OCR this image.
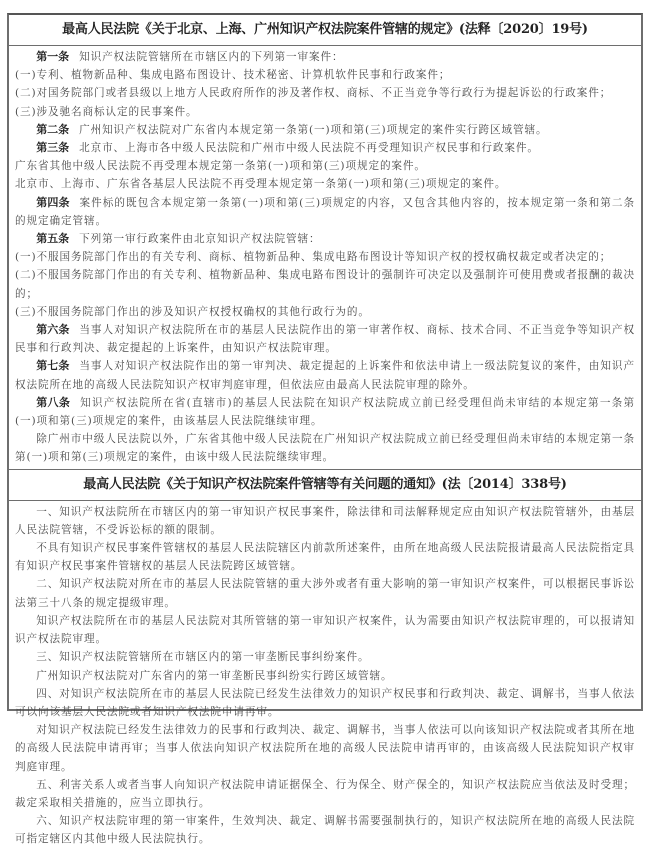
最高人民法院《关于北京、上海、广州知识产权法院案件管辖的规定》(法释〔2020〕19号)

第一条 知识产权法院管辖所在市辖区内的下列第一审案件：

(一)专利、植物新品种、集成电路布图设计、技术秘密、计算机软件民事和行政案件；

(二)对国务院部门或者县级以上地方人民政府所作的涉及著作权、商标、不正当竞争等行政行为提起诉讼的行政案件；

(三)涉及驰名商标认定的民事案件。

第二条 广州知识产权法院对广东省内本规定第一条第(一)项和第(三)项规定的案件实行跨区域管辖。

第三条 北京市、上海市各中级人民法院和广州市中级人民法院不再受理知识产权民事和行政案件。

广东省其他中级人民法院不再受理本规定第一条第(一)项和第(三)项规定的案件。

北京市、上海市、广东省各基层人民法院不再受理本规定第一条第(一)项和第(三)项规定的案件。

第四条 案件标的既包含本规定第一条第(一)项和第(三)项规定的内容，又包含其他内容的，按本规定第一条和第二条的规定确定管辖。

第五条 下列第一审行政案件由北京知识产权法院管辖：

(一)不服国务院部门作出的有关专利、商标、植物新品种、集成电路布图设计等知识产权的授权确权裁定或者决定的；

(二)不服国务院部门作出的有关专利、植物新品种、集成电路布图设计的强制许可决定以及强制许可使用费或者报酬的裁决的；

(三)不服国务院部门作出的涉及知识产权授权确权的其他行政行为的。

第六条 当事人对知识产权法院所在市的基层人民法院作出的第一审著作权、商标、技术合同、不正当竞争等知识产权民事和行政判决、裁定提起的上诉案件，由知识产权法院审理。

第七条 当事人对知识产权法院作出的第一审判决、裁定提起的上诉案件和依法申请上一级法院复议的案件，由知识产权法院所在地的高级人民法院知识产权审判庭审理，但依法应由最高人民法院审理的除外。

第八条 知识产权法院所在省(直辖市)的基层人民法院在知识产权法院成立前已经受理但尚未审结的本规定第一条第(一)项和第(三)项规定的案件，由该基层人民法院继续审理。

除广州市中级人民法院以外，广东省其他中级人民法院在广州知识产权法院成立前已经受理但尚未审结的本规定第一条第(一)项和第(三)项规定的案件，由该中级人民法院继续审理。

最高人民法院《关于知识产权法院案件管辖等有关问题的通知》(法〔2014〕338号)

一、知识产权法院所在市辖区内的第一审知识产权民事案件，除法律和司法解释规定应由知识产权法院管辖外，由基层人民法院管辖，不受诉讼标的额的限制。

不具有知识产权民事案件管辖权的基层人民法院辖区内前款所述案件，由所在地高级人民法院报请最高人民法院指定具有知识产权民事案件管辖权的基层人民法院跨区域管辖。

二、知识产权法院对所在市的基层人民法院管辖的重大涉外或者有重大影响的第一审知识产权案件，可以根据民事诉讼法第三十八条的规定提级审理。

知识产权法院所在市的基层人民法院对其所管辖的第一审知识产权案件，认为需要由知识产权法院审理的，可以报请知识产权法院审理。

三、知识产权法院管辖所在市辖区内的第一审垄断民事纠纷案件。

广州知识产权法院对广东省内的第一审垄断民事纠纷实行跨区域管辖。

四、对知识产权法院所在市的基层人民法院已经发生法律效力的知识产权民事和行政判决、裁定、调解书，当事人依法可以向该基层人民法院或者知识产权法院申请再审。

对知识产权法院已经发生法律效力的民事和行政判决、裁定、调解书，当事人依法可以向该知识产权法院或者其所在地的高级人民法院申请再审；当事人依法向知识产权法院所在地的高级人民法院申请再审的，由该高级人民法院知识产权审判庭审理。

五、利害关系人或者当事人向知识产权法院申请证据保全、行为保全、财产保全的，知识产权法院应当依法及时受理；裁定采取相关措施的，应当立即执行。

六、知识产权法院审理的第一审案件，生效判决、裁定、调解书需要强制执行的，知识产权法院所在地的高级人民法院可指定辖区内其他中级人民法院执行。
